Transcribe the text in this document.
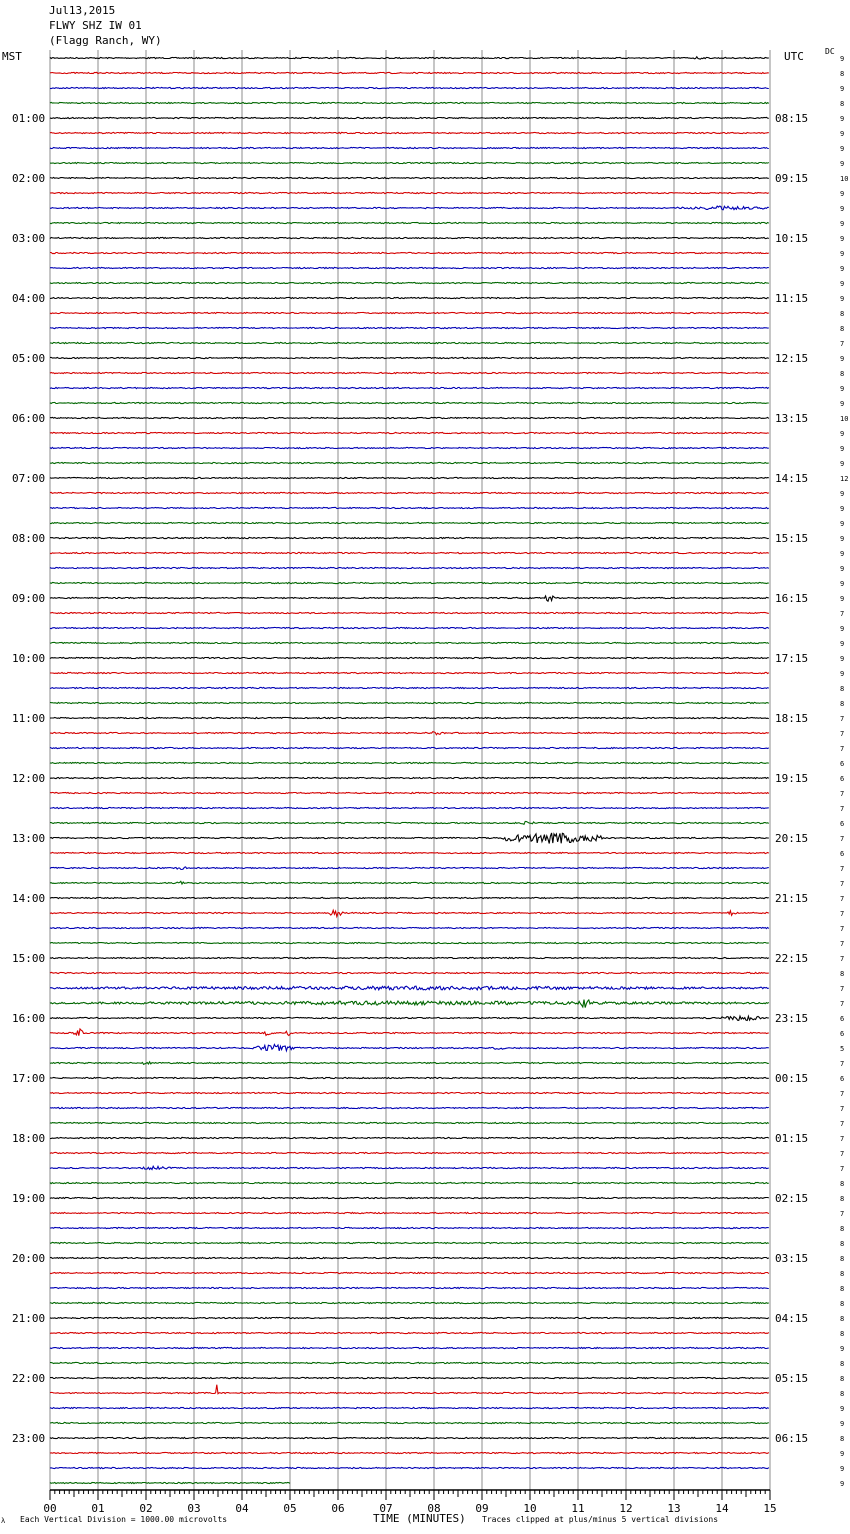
Jul13,2015
FLWY SHZ IW 01
(Flagg Ranch, WY)
MST	UTC	DC
9
8
9
8
9
9
9
9
10
9
9
9
9
9
9
9
9
8
8
7
9
8
9
9
10
9
9
9
12
9
9
9
9
9
9
9
9
7
9
9
9
9
8
8
7
7
7
6
6
7
7
6
7
6
7
7
7
7
7
7
7
8
7
7
6
6
5
7
6
7
7
7
7
7
7
8
8
7
8
8
8
8
8
8
8
8
9
8
8
8
9
9
8
9
9
9
01:00
02:00
03:00
04:00
05:00
06:00
07:00
08:00
09:00
10:00
11:00
12:00
13:00
14:00
15:00
16:00
17:00
18:00
19:00
20:00
21:00
22:00
23:00
08:15
09:15
10:15
11:15
12:15
13:15
14:15
15:15
16:15
17:15
18:15
19:15
20:15
21:15
22:15
23:15
00:15
01:15
02:15
03:15
04:15
05:15
06:15
00	01	02	03	04	05	06	07	08	09	10	11	12	13	14	15
TIME (MINUTES)
Each Vertical Division = 1000.00 microvolts	Traces clipped at plus/minus 5 vertical divisions
λ
